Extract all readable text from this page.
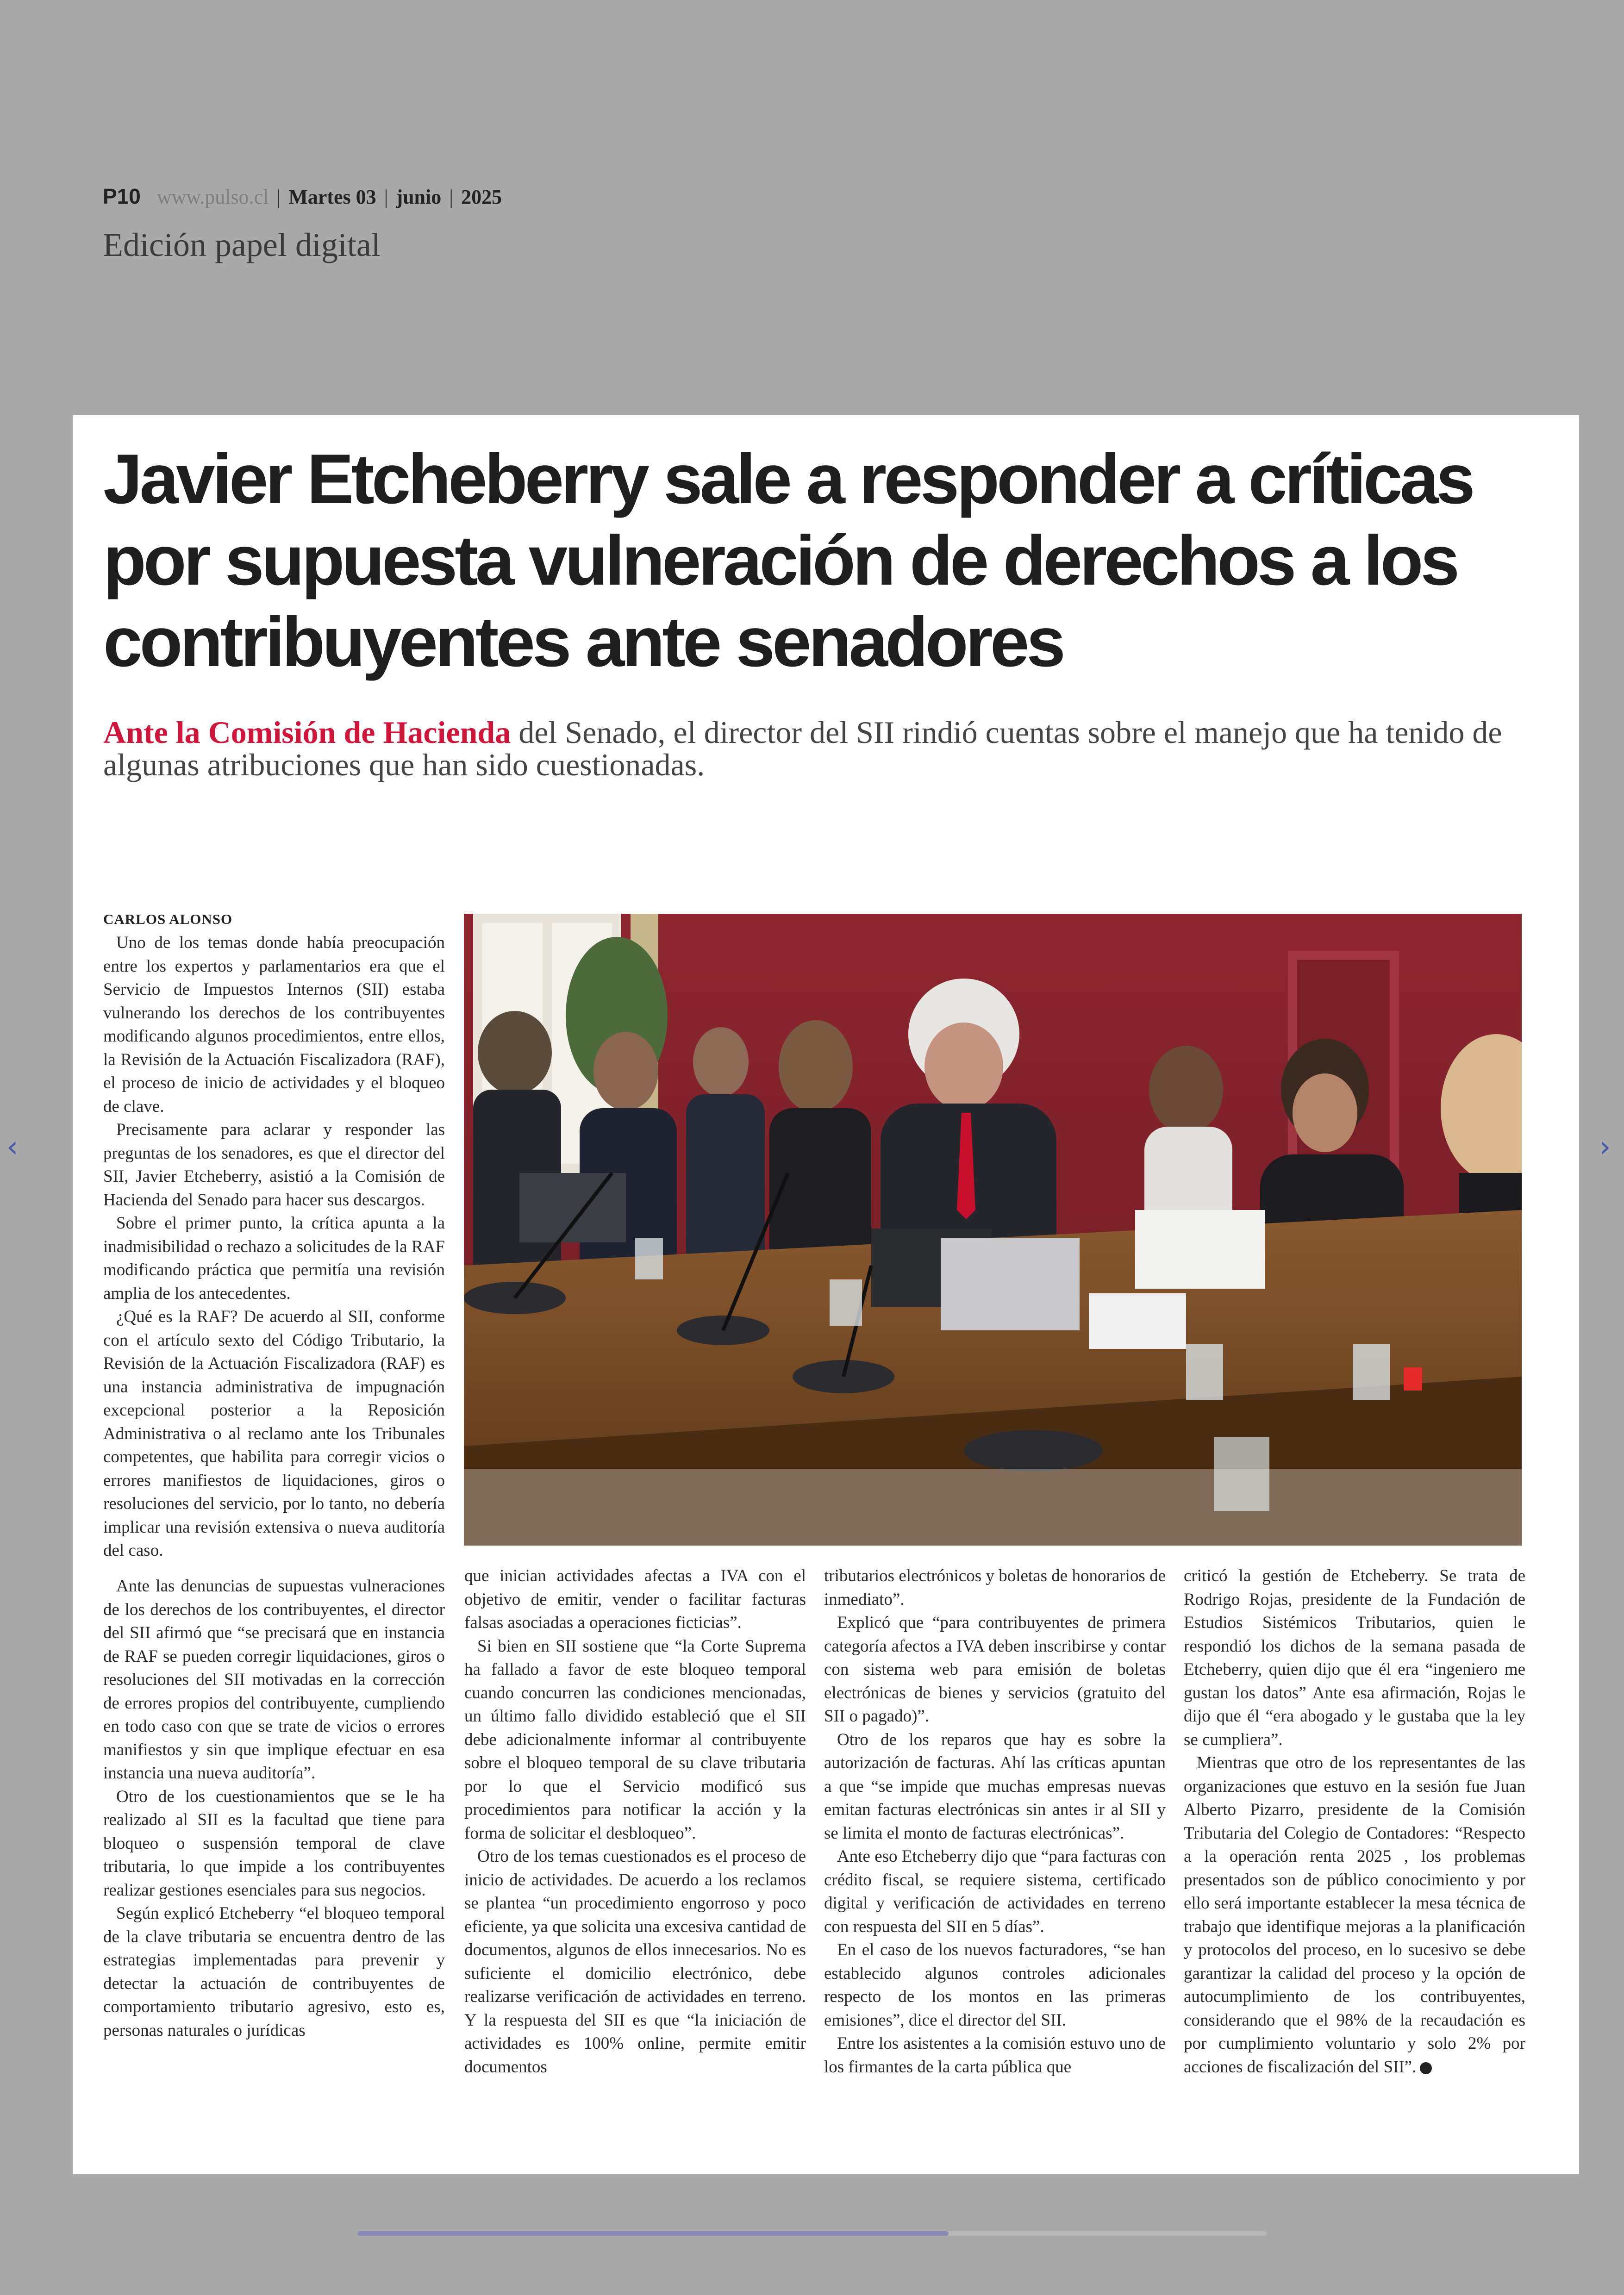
P10 www.pulso.cl | Martes 03 | junio | 2025
Edición papel digital
‹	›
Javier Etcheberry sale a responder a críticas por supuesta vulneración de derechos a los contribuyentes ante senadores

Ante la Comisión de Hacienda del Senado, el director del SII rindió cuentas sobre el manejo que ha tenido de algunas atribuciones que han sido cuestionadas.

CARLOS ALONSO

Uno de los temas donde había preocupación entre los expertos y parlamentarios era que el Servicio de Impuestos Internos (SII) estaba vulnerando los derechos de los contribuyentes modificando algunos procedimientos, entre ellos, la Revisión de la Actuación Fiscalizadora (RAF), el proceso de inicio de actividades y el bloqueo de clave.

Precisamente para aclarar y responder las preguntas de los senadores, es que el director del SII, Javier Etcheberry, asistió a la Comisión de Hacienda del Senado para hacer sus descargos.

Sobre el primer punto, la crítica apunta a la inadmisibilidad o rechazo a solicitudes de la RAF modificando práctica que permitía una revisión amplia de los antecedentes.

¿Qué es la RAF? De acuerdo al SII, conforme con el artículo sexto del Código Tributario, la Revisión de la Actuación Fiscalizadora (RAF) es una instancia administrativa de impugnación excepcional posterior a la Reposición Administrativa o al reclamo ante los Tribunales competentes, que habilita para corregir vicios o errores manifiestos de liquidaciones, giros o resoluciones del servicio, por lo tanto, no debería implicar una revisión extensiva o nueva auditoría del caso.

Ante las denuncias de supuestas vulneraciones de los derechos de los contribuyentes, el director del SII afirmó que “se precisará que en instancia de RAF se pueden corregir liquidaciones, giros o resoluciones del SII motivadas en la corrección de errores propios del contribuyente, cumpliendo en todo caso con que se trate de vicios o errores manifiestos y sin que implique efectuar en esa instancia una nueva auditoría”.

Otro de los cuestionamientos que se le ha realizado al SII es la facultad que tiene para bloqueo o suspensión temporal de clave tributaria, lo que impide a los contribuyentes realizar gestiones esenciales para sus negocios.

Según explicó Etcheberry “el bloqueo temporal de la clave tributaria se encuentra dentro de las estrategias implementadas para prevenir y detectar la actuación de contribuyentes de comportamiento tributario agresivo, esto es, personas naturales o jurídicas

que inician actividades afectas a IVA con el objetivo de emitir, vender o facilitar facturas falsas asociadas a operaciones ficticias”.

Si bien en SII sostiene que “la Corte Suprema ha fallado a favor de este bloqueo temporal cuando concurren las condiciones mencionadas, un último fallo dividido estableció que el SII debe adicionalmente informar al contribuyente sobre el bloqueo temporal de su clave tributaria por lo que el Servicio modificó sus procedimientos para notificar la acción y la forma de solicitar el desbloqueo”.

Otro de los temas cuestionados es el proceso de inicio de actividades. De acuerdo a los reclamos se plantea “un procedimiento engorroso y poco eficiente, ya que solicita una excesiva cantidad de documentos, algunos de ellos innecesarios. No es suficiente el domicilio electrónico, debe realizarse verificación de actividades en terreno. Y la respuesta del SII es que “la iniciación de actividades es 100% online, permite emitir documentos

tributarios electrónicos y boletas de honorarios de inmediato”.

Explicó que “para contribuyentes de primera categoría afectos a IVA deben inscribirse y contar con sistema web para emisión de boletas electrónicas de bienes y servicios (gratuito del SII o pagado)”.

Otro de los reparos que hay es sobre la autorización de facturas. Ahí las críticas apuntan a que “se impide que muchas empresas nuevas emitan facturas electrónicas sin antes ir al SII y se limita el monto de facturas electrónicas”.

Ante eso Etcheberry dijo que “para facturas con crédito fiscal, se requiere sistema, certificado digital y verificación de actividades en terreno con respuesta del SII en 5 días”.

En el caso de los nuevos facturadores, “se han establecido algunos controles adicionales respecto de los montos en las primeras emisiones”, dice el director del SII.

Entre los asistentes a la comisión estuvo uno de los firmantes de la carta pública que

criticó la gestión de Etcheberry. Se trata de Rodrigo Rojas, presidente de la Fundación de Estudios Sistémicos Tributarios, quien le respondió los dichos de la semana pasada de Etcheberry, quien dijo que él era “ingeniero me gustan los datos” Ante esa afirmación, Rojas le dijo que él “era abogado y le gustaba que la ley se cumpliera”.

Mientras que otro de los representantes de las organizaciones que estuvo en la sesión fue Juan Alberto Pizarro, presidente de la Comisión Tributaria del Colegio de Contadores: “Respecto a la operación renta 2025 , los problemas presentados son de público conocimiento y por ello será importante establecer la mesa técnica de trabajo que identifique mejoras a la planificación y protocolos del proceso, en lo sucesivo se debe garantizar la calidad del proceso y la opción de autocumplimiento de los contribuyentes, considerando que el 98% de la recaudación es por cumplimiento voluntario y solo 2% por acciones de fiscalización del SII”.
